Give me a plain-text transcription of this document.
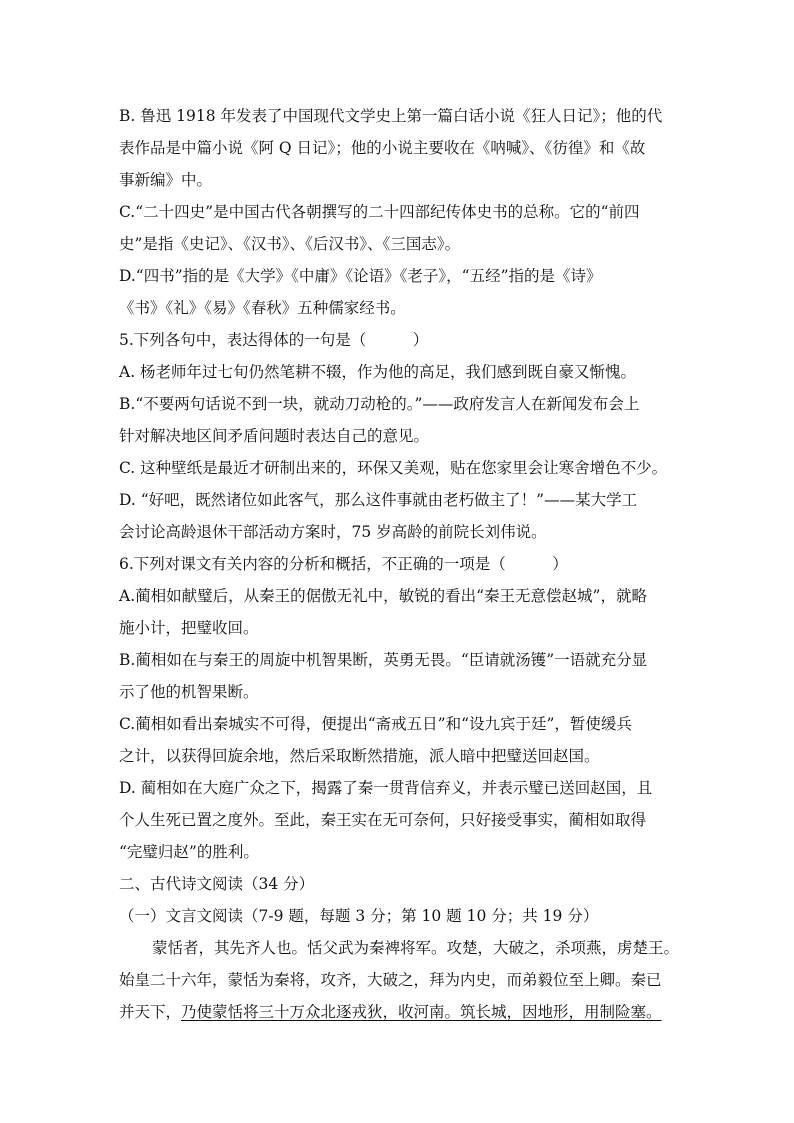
B. 鲁迅 1918 年发表了中国现代文学史上第一篇白话小说《狂人日记》；他的代
表作品是中篇小说《阿 Q 日记》；他的小说主要收在《呐喊》、《彷徨》和《故
事新编》中。
C.“二十四史”是中国古代各朝撰写的二十四部纪传体史书的总称。它的“前四
史”是指《史记》、《汉书》、《后汉书》、《三国志》。
D.“四书”指的是《大学》《中庸》《论语》《老子》，“五经”指的是《诗》
《书》《礼》《易》《春秋》五种儒家经书。
5.下列各句中，表达得体的一句是（　　　）
A. 杨老师年过七旬仍然笔耕不辍，作为他的高足，我们感到既自豪又惭愧。
B.“不要两句话说不到一块，就动刀动枪的。”——政府发言人在新闻发布会上
针对解决地区间矛盾问题时表达自己的意见。
C. 这种壁纸是最近才研制出来的，环保又美观，贴在您家里会让寒舍增色不少。
D. “好吧，既然诸位如此客气，那么这件事就由老朽做主了！”——某大学工
会讨论高龄退休干部活动方案时，75 岁高龄的前院长刘伟说。
6.下列对课文有关内容的分析和概括，不正确的一项是（　　　）
A.蔺相如献璧后，从秦王的倨傲无礼中，敏锐的看出“秦王无意偿赵城”，就略
施小计，把璧收回。
B.蔺相如在与秦王的周旋中机智果断，英勇无畏。“臣请就汤镬”一语就充分显
示了他的机智果断。
C.蔺相如看出秦城实不可得，便提出“斋戒五日”和“设九宾于廷”，暂使缓兵
之计，以获得回旋余地，然后采取断然措施，派人暗中把璧送回赵国。
D. 蔺相如在大庭广众之下，揭露了秦一贯背信弃义，并表示璧已送回赵国，且
个人生死已置之度外。至此，秦王实在无可奈何，只好接受事实，蔺相如取得
“完璧归赵”的胜利。
二、古代诗文阅读（34 分）
（一）文言文阅读（7-9 题，每题 3 分；第 10 题 10 分；共 19 分）
蒙恬者，其先齐人也。恬父武为秦裨将军。攻楚，大破之，杀项燕，虏楚王。
始皇二十六年，蒙恬为秦将，攻齐，大破之，拜为内史，而弟毅位至上卿。秦已
并天下，乃使蒙恬将三十万众北逐戎狄，收河南。筑长城，因地形，用制险塞。
